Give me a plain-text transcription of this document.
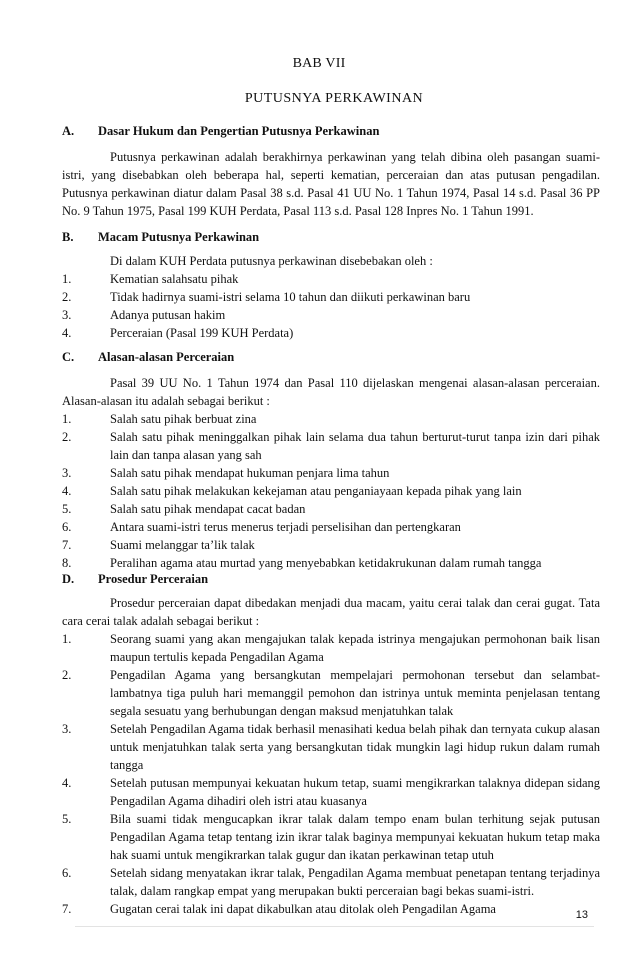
BAB VII
PUTUSNYA PERKAWINAN
A.	Dasar Hukum dan Pengertian Putusnya Perkawinan
Putusnya perkawinan adalah berakhirnya perkawinan yang telah dibina oleh pasangan suami-istri, yang disebabkan oleh beberapa hal, seperti kematian, perceraian dan atas putusan pengadilan. Putusnya perkawinan diatur dalam Pasal 38 s.d. Pasal 41 UU No. 1 Tahun 1974, Pasal 14 s.d. Pasal 36 PP No. 9 Tahun 1975, Pasal 199 KUH Perdata, Pasal 113 s.d. Pasal 128 Inpres No. 1 Tahun 1991.
B.	Macam Putusnya Perkawinan
Di dalam KUH Perdata putusnya perkawinan disebebakan oleh :
1.	Kematian salahsatu pihak
2.	Tidak hadirnya suami-istri selama 10 tahun dan diikuti perkawinan baru
3.	Adanya putusan hakim
4.	Perceraian (Pasal 199 KUH Perdata)
C.	Alasan-alasan Perceraian
Pasal 39 UU No. 1 Tahun 1974 dan Pasal 110 dijelaskan mengenai alasan-alasan perceraian. Alasan-alasan itu adalah sebagai berikut :
1.	Salah satu pihak berbuat zina
2.	Salah satu pihak meninggalkan pihak lain selama dua tahun berturut-turut tanpa izin dari pihak lain dan tanpa alasan yang sah
3.	Salah satu pihak mendapat hukuman penjara lima tahun
4.	Salah satu pihak melakukan kekejaman atau penganiayaan kepada pihak yang lain
5.	Salah satu pihak mendapat cacat badan
6.	Antara suami-istri terus menerus terjadi perselisihan dan pertengkaran
7.	Suami melanggar ta’lik talak
8.	Peralihan agama atau murtad yang menyebabkan ketidakrukunan dalam rumah tangga
D.	Prosedur Perceraian
Prosedur perceraian dapat dibedakan menjadi dua macam, yaitu cerai talak dan cerai gugat. Tata cara cerai talak adalah sebagai berikut :
1.	Seorang suami yang akan mengajukan talak kepada istrinya mengajukan permohonan baik lisan maupun tertulis kepada Pengadilan Agama
2.	Pengadilan Agama yang bersangkutan mempelajari permohonan tersebut dan selambat-lambatnya tiga puluh hari memanggil pemohon dan istrinya untuk meminta penjelasan tentang segala sesuatu yang berhubungan dengan maksud menjatuhkan talak
3.	Setelah Pengadilan Agama tidak berhasil menasihati kedua belah pihak dan ternyata cukup alasan untuk menjatuhkan talak serta yang bersangkutan tidak mungkin lagi hidup rukun dalam rumah tangga
4.	Setelah putusan mempunyai kekuatan hukum tetap, suami mengikrarkan talaknya didepan sidang Pengadilan Agama dihadiri oleh istri atau kuasanya
5.	Bila suami tidak mengucapkan ikrar talak dalam tempo enam bulan terhitung sejak putusan Pengadilan Agama tetap tentang izin ikrar talak baginya mempunyai kekuatan hukum tetap maka hak suami untuk mengikrarkan talak gugur dan ikatan perkawinan tetap utuh
6.	Setelah sidang menyatakan ikrar talak, Pengadilan Agama membuat penetapan tentang terjadinya talak, dalam rangkap empat yang merupakan bukti perceraian bagi bekas suami-istri.
7.	Gugatan cerai talak ini dapat dikabulkan atau ditolak oleh Pengadilan Agama	13
